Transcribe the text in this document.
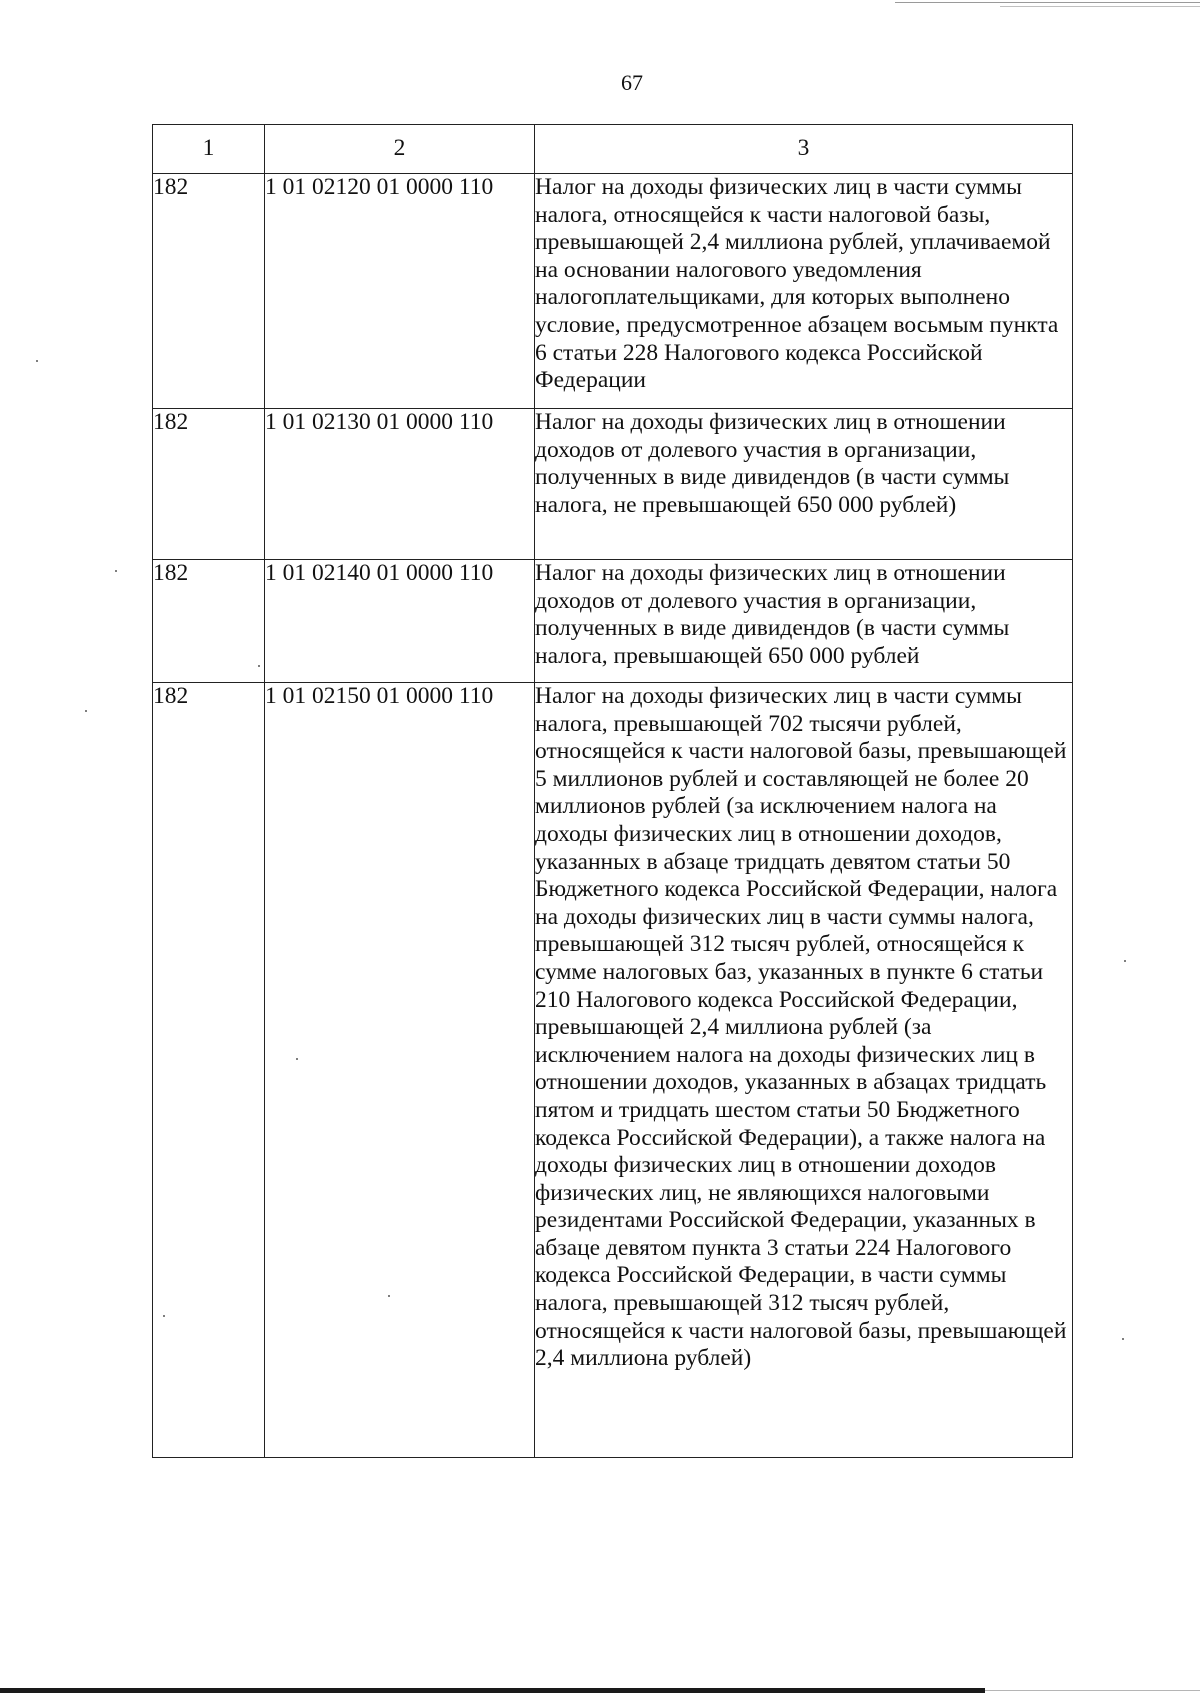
67
1	2	3
182	1 01 02120 01 0000 110	Налог на доходы физических лиц в части суммы налога, относящейся к части налоговой базы, превышающей 2,4 миллиона рублей, уплачиваемой на основании налогового уведомления налогоплательщиками, для которых выполнено условие, предусмотренное абзацем восьмым пункта 6 статьи 228 Налогового кодекса Российской Федерации
182	1 01 02130 01 0000 110	Налог на доходы физических лиц в отношении доходов от долевого участия в организации, полученных в виде дивидендов (в части суммы налога, не превышающей 650 000 рублей)
182	1 01 02140 01 0000 110	Налог на доходы физических лиц в отношении доходов от долевого участия в организации, полученных в виде дивидендов (в части суммы налога, превышающей 650 000 рублей
182	1 01 02150 01 0000 110	Налог на доходы физических лиц в части суммы налога, превышающей 702 тысячи рублей, относящейся к части налоговой базы, превышающей 5 миллионов рублей и составляющей не более 20 миллионов рублей (за исключением налога на доходы физических лиц в отношении доходов, указанных в абзаце тридцать девятом статьи 50 Бюджетного кодекса Российской Федерации, налога на доходы физических лиц в части суммы налога, превышающей 312 тысяч рублей, относящейся к сумме налоговых баз, указанных в пункте 6 статьи 210 Налогового кодекса Российской Федерации, превышающей 2,4 миллиона рублей (за исключением налога на доходы физических лиц в отношении доходов, указанных в абзацах тридцать пятом и тридцать шестом статьи 50 Бюджетного кодекса Российской Федерации), а также налога на доходы физических лиц в отношении доходов физических лиц, не являющихся налоговыми резидентами Российской Федерации, указанных в абзаце девятом пункта 3 статьи 224 Налогового кодекса Российской Федерации, в части суммы налога, превышающей 312 тысяч рублей, относящейся к части налоговой базы, превышающей 2,4 миллиона рублей)
